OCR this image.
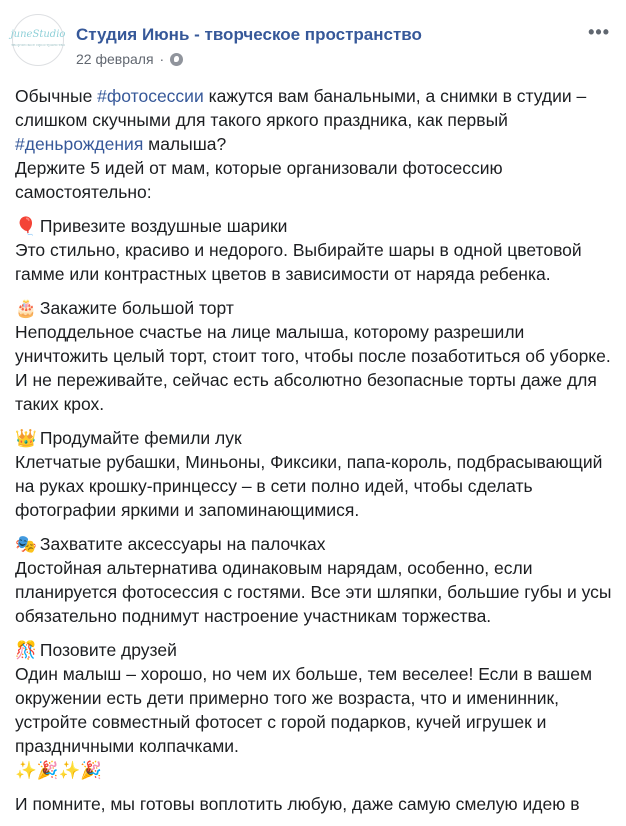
juneStudio
творческое пространство
Студия Июнь - творческое пространство
22 февраля ·
•••
Обычные #фотосессии кажутся вам банальными, а снимки в студии – слишком скучными для такого яркого праздника, как первый #деньрождения малыша?
Держите 5 идей от мам, которые организовали фотосессию самостоятельно:
🎈 Привезите воздушные шарики
Это стильно, красиво и недорого. Выбирайте шары в одной цветовой гамме или контрастных цветов в зависимости от наряда ребенка.
🎂 Закажите большой торт
Неподдельное счастье на лице малыша, которому разрешили уничтожить целый торт, стоит того, чтобы после позаботиться об уборке. И не переживайте, сейчас есть абсолютно безопасные торты даже для таких крох.
👑 Продумайте фемили лук
Клетчатые рубашки, Миньоны, Фиксики, папа-король, подбрасывающий на руках крошку-принцессу – в сети полно идей, чтобы сделать фотографии яркими и запоминающимися.
🎭 Захватите аксессуары на палочках
Достойная альтернатива одинаковым нарядам, особенно, если планируется фотосессия с гостями. Все эти шляпки, большие губы и усы обязательно поднимут настроение участникам торжества.
🎊 Позовите друзей
Один малыш – хорошо, но чем их больше, тем веселее! Если в вашем окружении есть дети примерно того же возраста, что и именинник, устройте совместный фотосет с горой подарков, кучей игрушек и праздничными колпачками.
✨🎉✨🎉
И помните, мы готовы воплотить любую, даже самую смелую идею в
